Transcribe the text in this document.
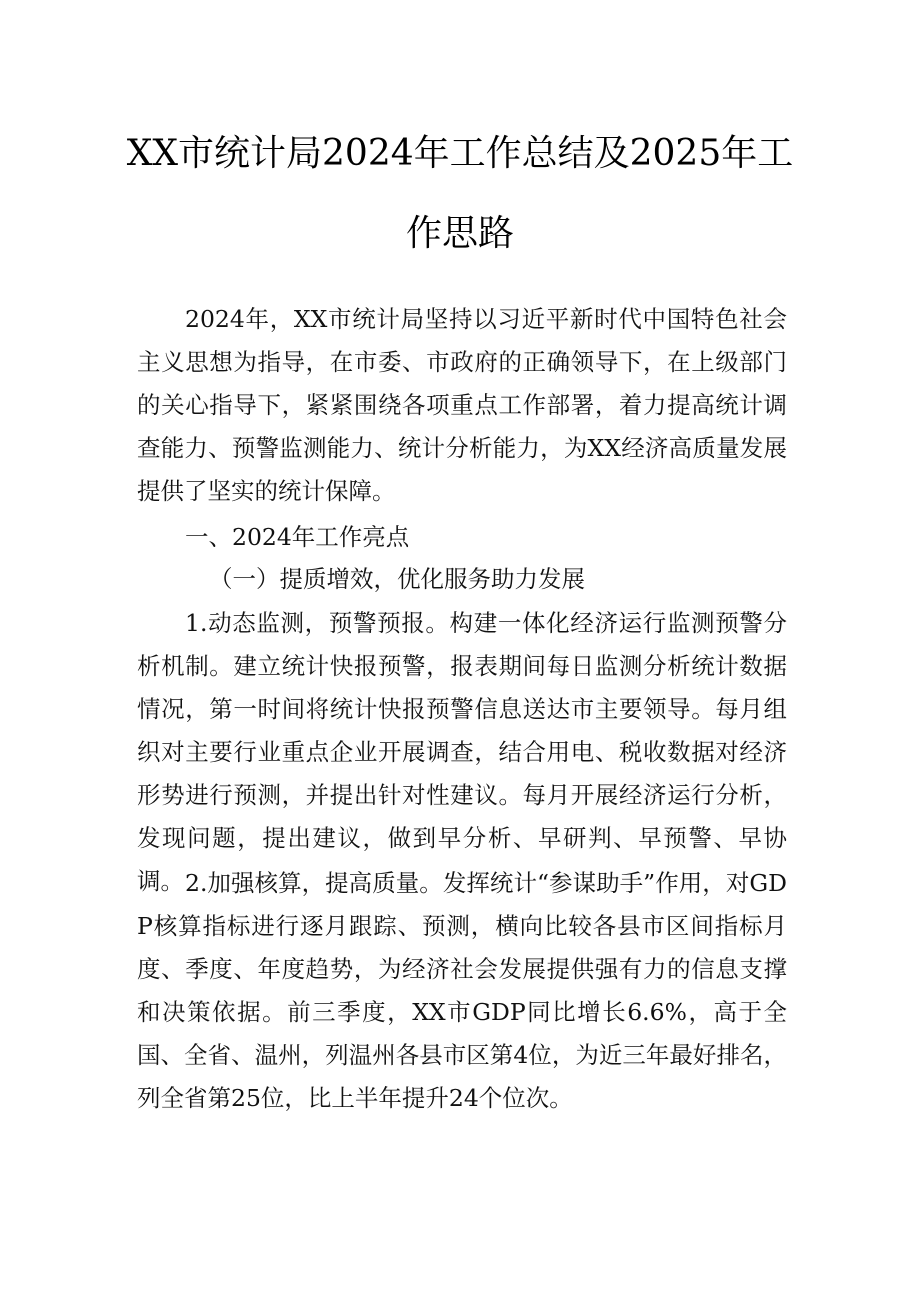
XX市统计局2024年工作总结及2025年工
作思路

2024年，XX市统计局坚持以习近平新时代中国特色社会主义思想为指导，在市委、市政府的正确领导下，在上级部门的关心指导下，紧紧围绕各项重点工作部署，着力提高统计调查能力、预警监测能力、统计分析能力，为XX经济高质量发展提供了坚实的统计保障。

一、2024年工作亮点

（一）提质增效，优化服务助力发展

1.动态监测，预警预报。构建一体化经济运行监测预警分析机制。建立统计快报预警，报表期间每日监测分析统计数据情况，第一时间将统计快报预警信息送达市主要领导。每月组织对主要行业重点企业开展调查，结合用电、税收数据对经济形势进行预测，并提出针对性建议。每月开展经济运行分析，发现问题，提出建议，做到早分析、早研判、早预警、早协调。 2.加强核算，提高质量。发挥统计“参谋助手”作用，对GDP核算指标进行逐月跟踪、预测，横向比较各县市区间指标月度、季度、年度趋势，为经济社会发展提供强有力的信息支撑和决策依据。前三季度，XX市GDP同比增长6.6%，高于全国、全省、温州，列温州各县市区第4位，为近三年最好排名，列全省第25位，比上半年提升24个位次。
